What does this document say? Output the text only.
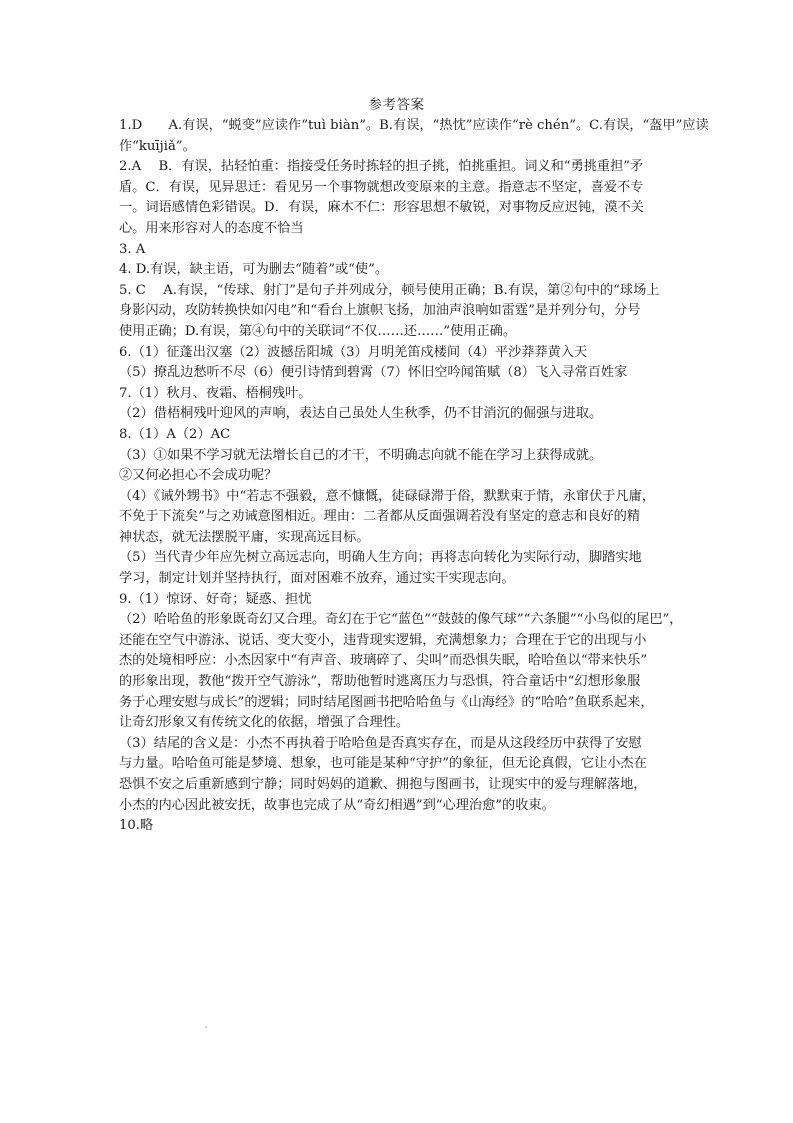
参考答案
1.D　　A.有误，“蜕变”应读作“tuì biàn”。B.有误，“热忱”应读作“rè chén”。C.有误，“盔甲”应读
作“kuījiǎ”。
2.A　 B．有误，拈轻怕重：指接受任务时拣轻的担子挑，怕挑重担。词义和“勇挑重担”矛
盾。C．有误，见异思迁：看见另一个事物就想改变原来的主意。指意志不坚定，喜爱不专
一。词语感情色彩错误。D．有误，麻木不仁：形容思想不敏锐，对事物反应迟钝，漠不关
心。用来形容对人的态度不恰当
3. A
4. D.有误，缺主语，可为删去“随着”或“使”。
5. C　 A.有误，“传球、射门”是句子并列成分，顿号使用正确；B.有误，第②句中的“球场上
身影闪动，攻防转换快如闪电”和“看台上旗帜飞扬，加油声浪响如雷霆”是并列分句，分号
使用正确；D.有误，第④句中的关联词“不仅……还……”使用正确。
6.（1）征蓬出汉塞（2）波撼岳阳城（3）月明羌笛戍楼间（4）平沙莽莽黄入天
（5）撩乱边愁听不尽（6）便引诗情到碧霄（7）怀旧空吟闻笛赋（8）飞入寻常百姓家
7.（1）秋月、夜霜、梧桐残叶。
（2）借梧桐残叶迎风的声响，表达自己虽处人生秋季，仍不甘消沉的倔强与进取。
8.（1）A（2）AC
（3）①如果不学习就无法增长自己的才干，不明确志向就不能在学习上获得成就。
②又何必担心不会成功呢？
（4）《诫外甥书》中“若志不强毅，意不慷慨，徒碌碌滞于俗，默默束于情，永窜伏于凡庸，
不免于下流矣”与之劝诫意图相近。理由：二者都从反面强调若没有坚定的意志和良好的精
神状态，就无法摆脱平庸，实现高远目标。
（5）当代青少年应先树立高远志向，明确人生方向；再将志向转化为实际行动，脚踏实地
学习，制定计划并坚持执行，面对困难不放弃，通过实干实现志向。
9.（1）惊讶、好奇；疑惑、担忧
（2）哈哈鱼的形象既奇幻又合理。奇幻在于它“蓝色”“鼓鼓的像气球”“六条腿”“小鸟似的尾巴”，
还能在空气中游泳、说话、变大变小，违背现实逻辑，充满想象力；合理在于它的出现与小
杰的处境相呼应：小杰因家中“有声音、玻璃碎了、尖叫”而恐惧失眠，哈哈鱼以“带来快乐”
的形象出现，教他“拨开空气游泳”，帮助他暂时逃离压力与恐惧，符合童话中“幻想形象服
务于心理安慰与成长”的逻辑；同时结尾图画书把哈哈鱼与《山海经》的“哈哈”鱼联系起来，
让奇幻形象又有传统文化的依据，增强了合理性。
（3）结尾的含义是：小杰不再执着于哈哈鱼是否真实存在，而是从这段经历中获得了安慰
与力量。哈哈鱼可能是梦境、想象，也可能是某种“守护”的象征，但无论真假，它让小杰在
恐惧不安之后重新感到宁静；同时妈妈的道歉、拥抱与图画书，让现实中的爱与理解落地，
小杰的内心因此被安抚，故事也完成了从“奇幻相遇”到“心理治愈”的收束。
10.略
